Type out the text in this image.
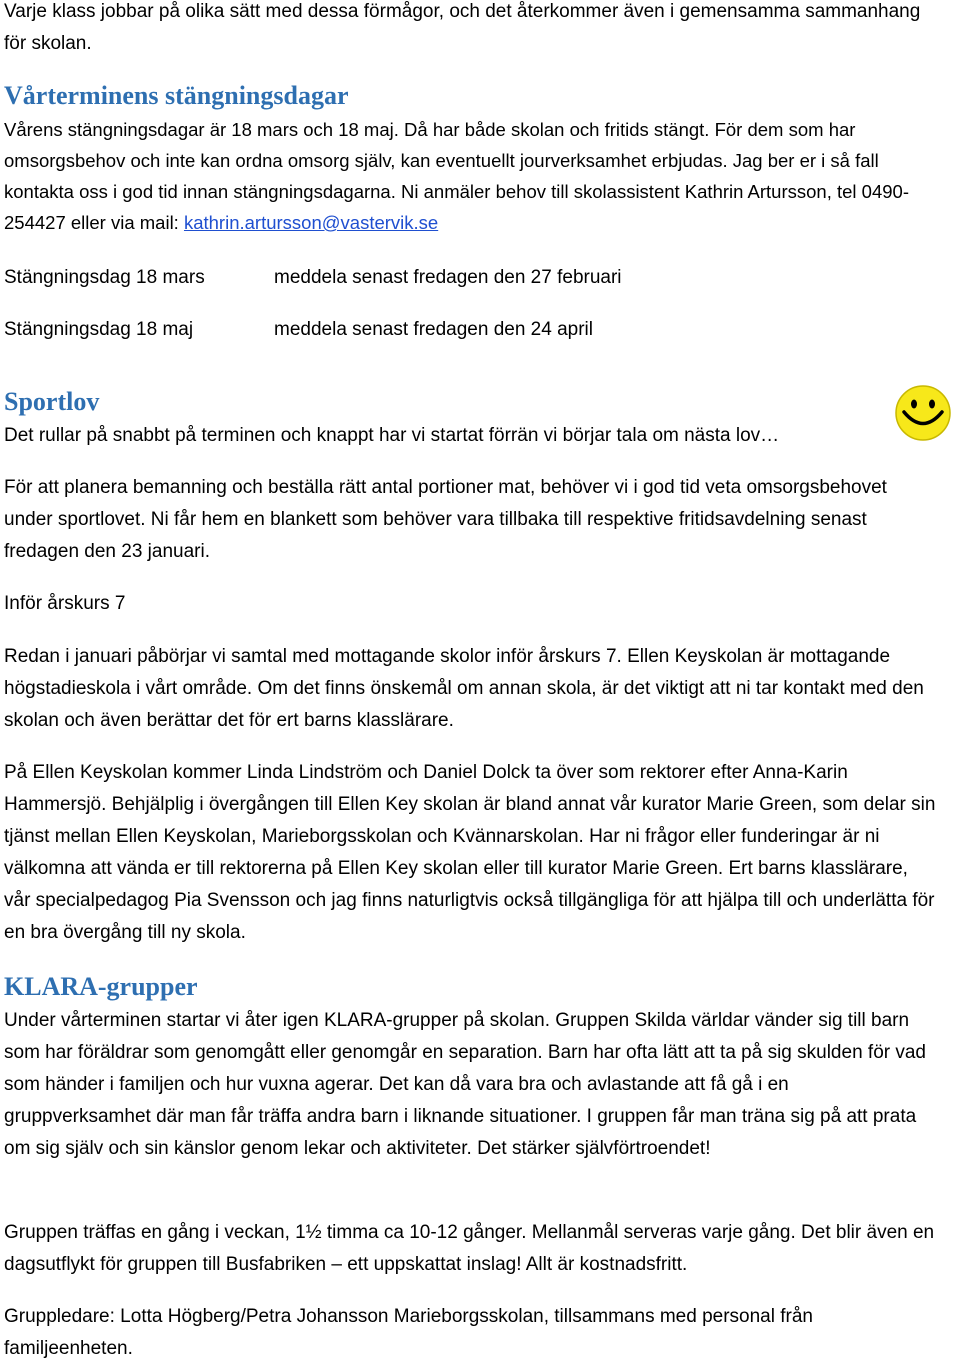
Varje klass jobbar på olika sätt med dessa förmågor, och det återkommer även i gemensamma sammanhang för skolan.

Vårterminens stängningsdagar

Vårens stängningsdagar är 18 mars och 18 maj. Då har både skolan och fritids stängt. För dem som har omsorgsbehov och inte kan ordna omsorg själv, kan eventuellt jourverksamhet erbjudas. Jag ber er i så fall kontakta oss i god tid innan stängningsdagarna. Ni anmäler behov till skolassistent Kathrin Artursson, tel 0490-254427 eller via mail: kathrin.artursson@vastervik.se

Stängningsdag 18 mars	meddela senast fredagen den 27 februari
Stängningsdag 18 maj	meddela senast fredagen den 24 april
Sportlov

Det rullar på snabbt på terminen och knappt har vi startat förrän vi börjar tala om nästa lov…

För att planera bemanning och beställa rätt antal portioner mat, behöver vi i god tid veta omsorgsbehovet under sportlovet. Ni får hem en blankett som behöver vara tillbaka till respektive fritidsavdelning senast fredagen den 23 januari.

Inför årskurs 7

Redan i januari påbörjar vi samtal med mottagande skolor inför årskurs 7. Ellen Keyskolan är mottagande högstadieskola i vårt område. Om det finns önskemål om annan skola, är det viktigt att ni tar kontakt med den skolan och även berättar det för ert barns klasslärare.

På Ellen Keyskolan kommer Linda Lindström och Daniel Dolck ta över som rektorer efter Anna-Karin Hammersjö. Behjälplig i övergången till Ellen Key skolan är bland annat vår kurator Marie Green, som delar sin tjänst mellan Ellen Keyskolan, Marieborgsskolan och Kvännarskolan. Har ni frågor eller funderingar är ni välkomna att vända er till rektorerna på Ellen Key skolan eller till kurator Marie Green. Ert barns klasslärare, vår specialpedagog Pia Svensson och jag finns naturligtvis också tillgängliga för att hjälpa till och underlätta för en bra övergång till ny skola.

KLARA-grupper

Under vårterminen startar vi åter igen KLARA-grupper på skolan. Gruppen Skilda världar vänder sig till barn som har föräldrar som genomgått eller genomgår en separation. Barn har ofta lätt att ta på sig skulden för vad som händer i familjen och hur vuxna agerar. Det kan då vara bra och avlastande att få gå i en gruppverksamhet där man får träffa andra barn i liknande situationer. I gruppen får man träna sig på att prata om sig själv och sin känslor genom lekar och aktiviteter. Det stärker självförtroendet!

Gruppen träffas en gång i veckan, 1½ timma ca 10-12 gånger. Mellanmål serveras varje gång. Det blir även en dagsutflykt för gruppen till Busfabriken – ett uppskattat inslag! Allt är kostnadsfritt.

Gruppledare: Lotta Högberg/Petra Johansson Marieborgsskolan, tillsammans med personal från familjeenheten.
